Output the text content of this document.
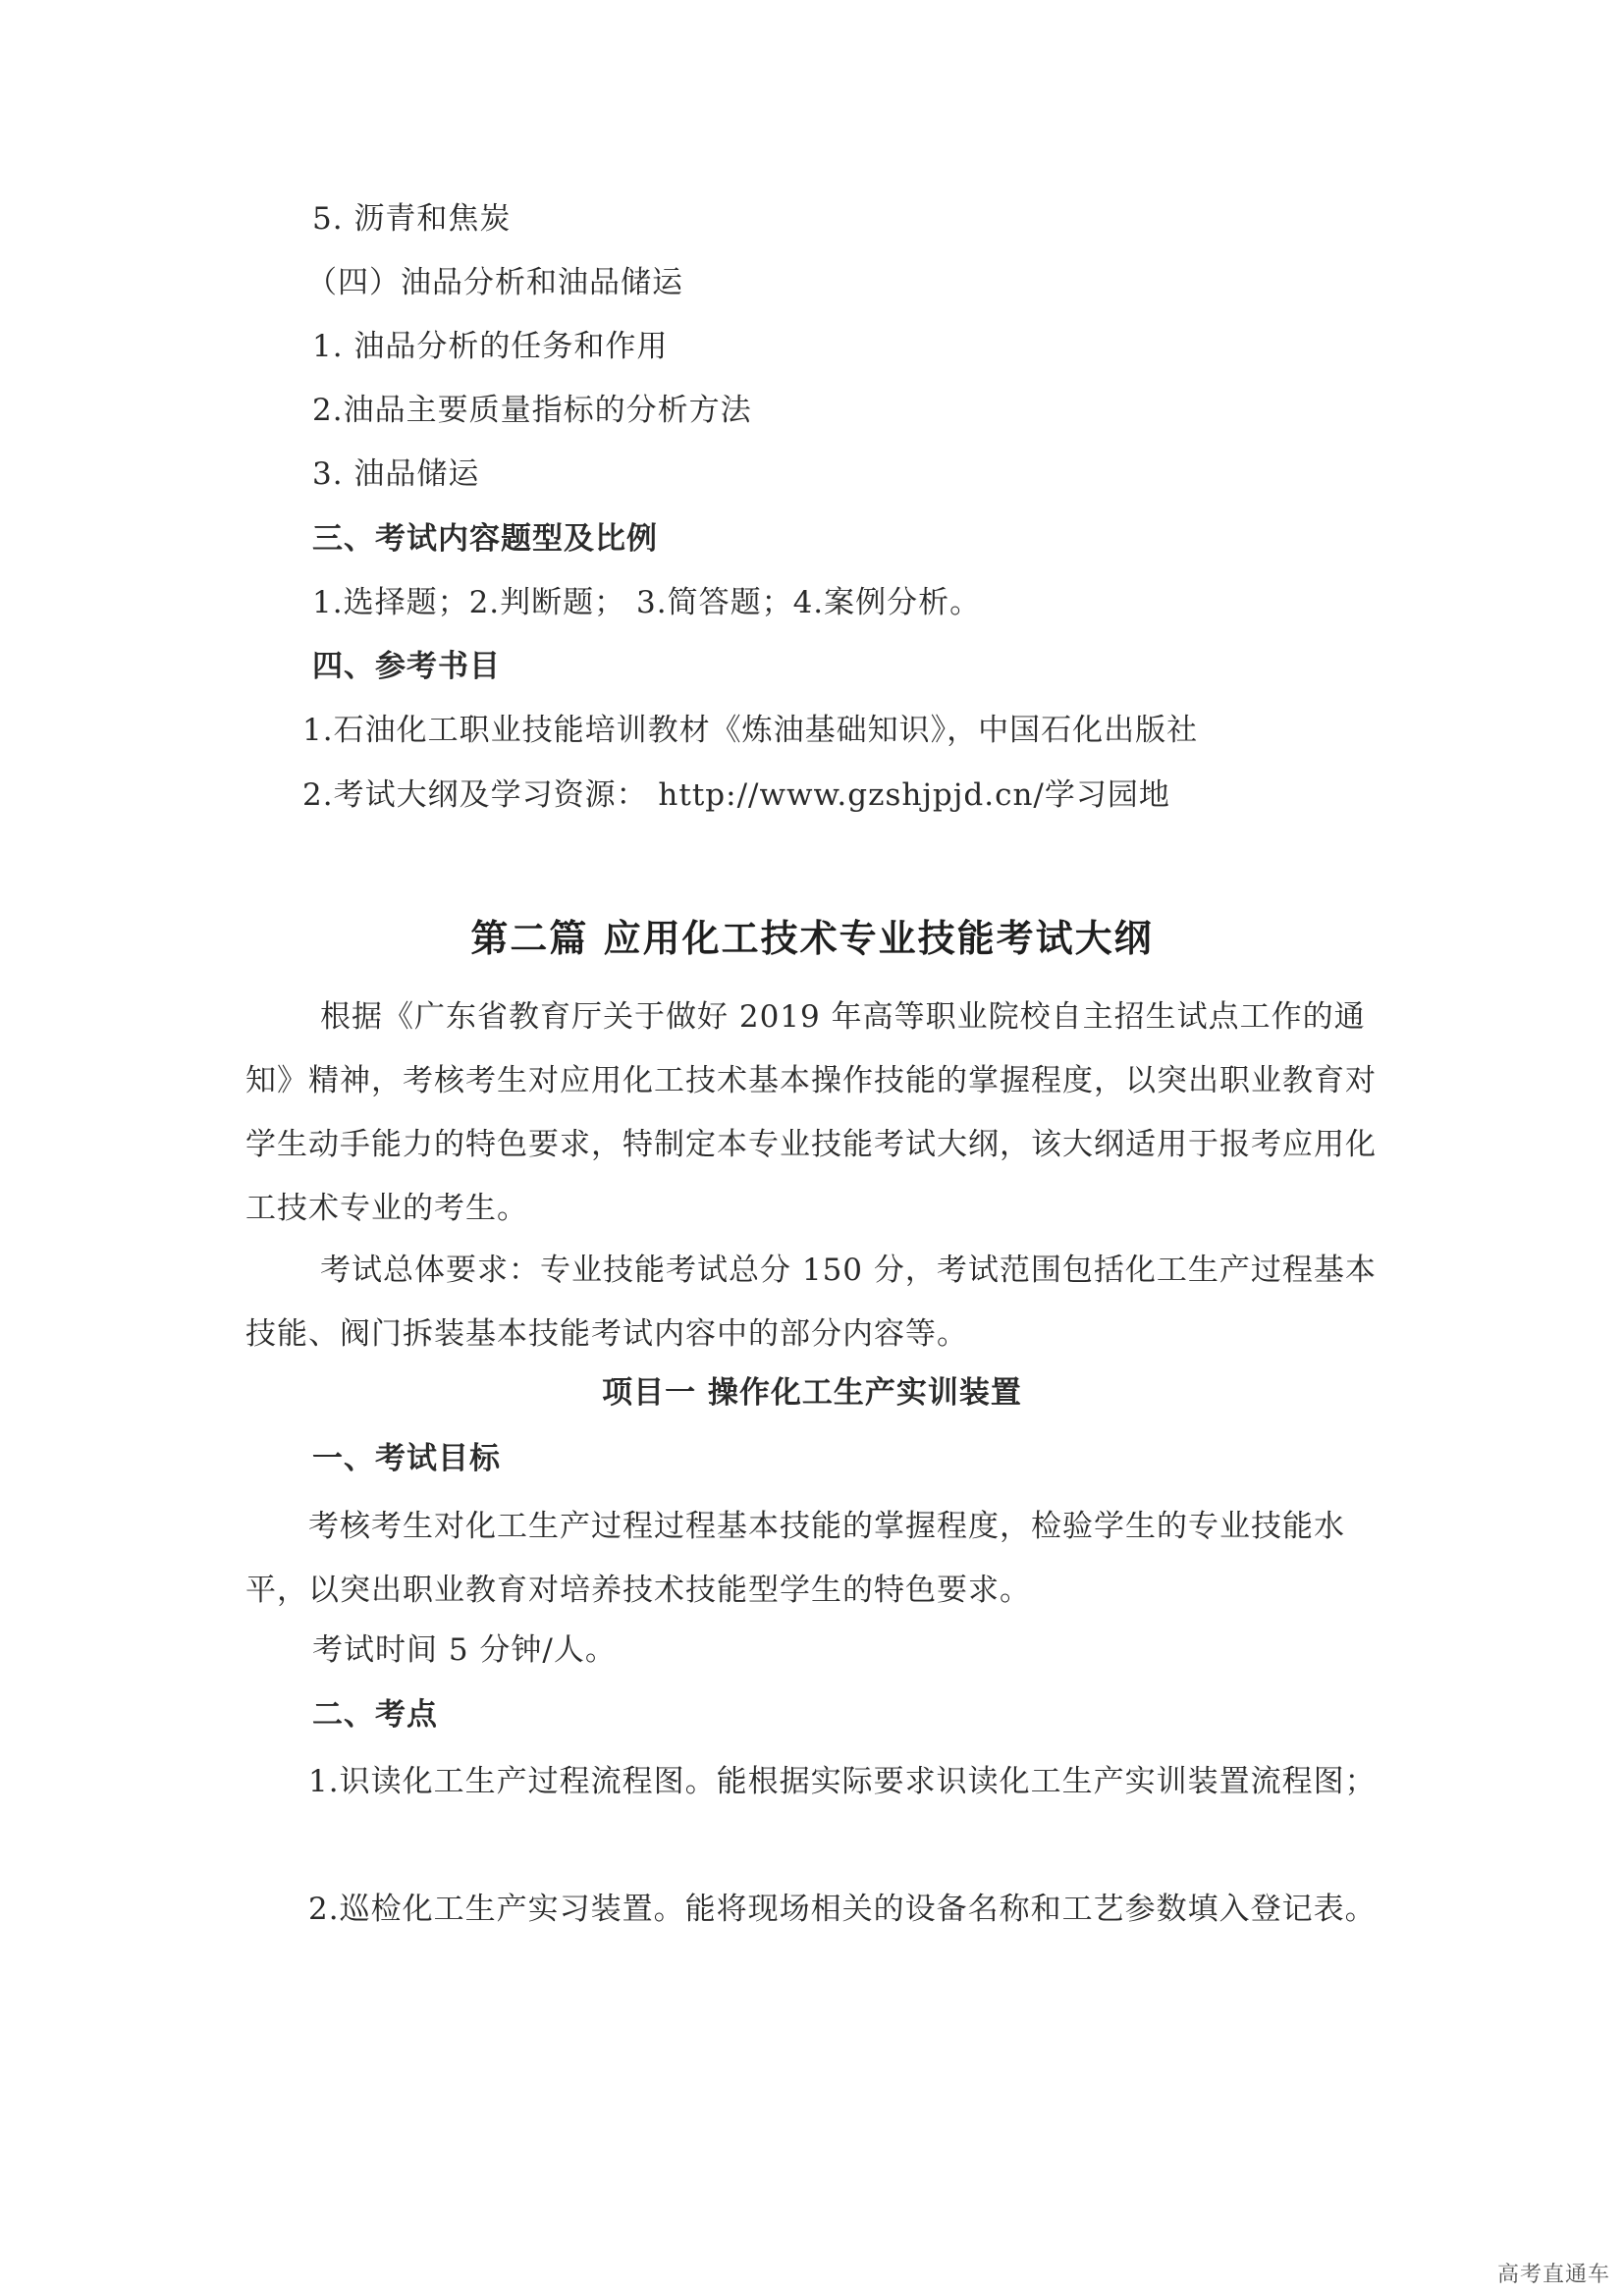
5. 沥青和焦炭
（四）油品分析和油品储运
1. 油品分析的任务和作用
2.油品主要质量指标的分析方法
3. 油品储运
三、考试内容题型及比例
1.选择题；2.判断题； 3.简答题；4.案例分析。
四、参考书目
1.石油化工职业技能培训教材《炼油基础知识》，中国石化出版社
2.考试大纲及学习资源： http://www.gzshjpjd.cn/学习园地
第二篇 应用化工技术专业技能考试大纲
根据《广东省教育厅关于做好 2019 年高等职业院校自主招生试点工作的通知》精神，考核考生对应用化工技术基本操作技能的掌握程度，以突出职业教育对学生动手能力的特色要求，特制定本专业技能考试大纲，该大纲适用于报考应用化工技术专业的考生。
考试总体要求：专业技能考试总分 150 分，考试范围包括化工生产过程基本技能、阀门拆装基本技能考试内容中的部分内容等。
项目一 操作化工生产实训装置
一、考试目标
考核考生对化工生产过程过程基本技能的掌握程度，检验学生的专业技能水平，以突出职业教育对培养技术技能型学生的特色要求。
考试时间 5 分钟/人。
二、考点
1.识读化工生产过程流程图。能根据实际要求识读化工生产实训装置流程图；
2.巡检化工生产实习装置。能将现场相关的设备名称和工艺参数填入登记表。
高考直通车
